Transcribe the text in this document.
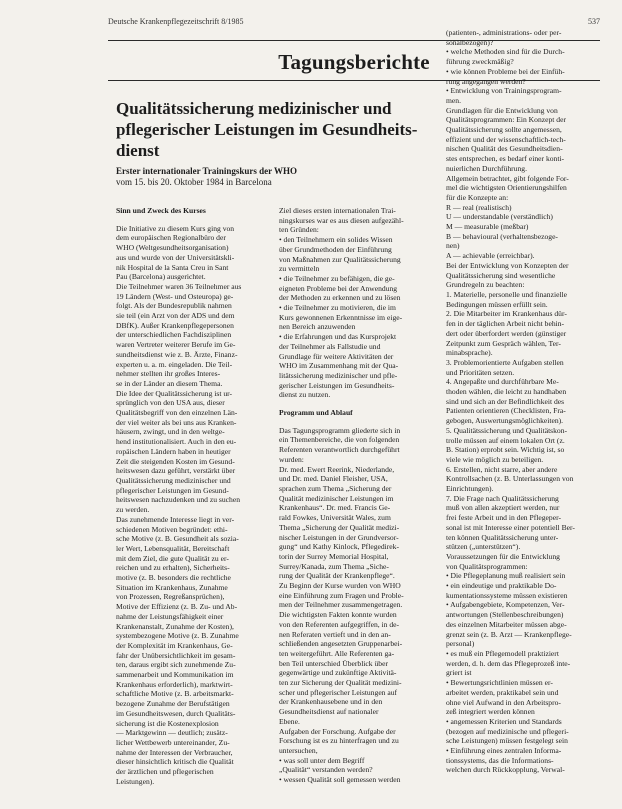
Deutsche Krankenpflegezeitschrift 8/1985	537
Tagungsberichte
Qualitätssicherung medizinischer und
pflegerischer Leistungen im Gesundheits-
dienst
Erster internationaler Trainingskurs der WHO
vom 15. bis 20. Oktober 1984 in Barcelona

Sinn und Zweck des Kurses

Die Initiative zu diesem Kurs ging von

dem europäischen Regionalbüro der

WHO (Weltgesundheitsorganisation)

aus und wurde von der Universitätskli-

nik Hospital de la Santa Creu in Sant

Pau (Barcelona) ausgerichtet.

Die Teilnehmer waren 36 Teilnehmer aus

19 Ländern (West- und Osteuropa) ge-

folgt. Als der Bundesrepublik nahmen

sie teil (ein Arzt von der ADS und dem

DBfK). Außer Krankenpflegepersonen

der unterschiedlichen Fachdisziplinen

waren Vertreter weiterer Berufe im Ge-

sundheitsdienst wie z. B. Ärzte, Finanz-

experten u. a. m. eingeladen. Die Teil-

nehmer stellten ihr großes Interes-

se in der Länder an diesem Thema.

Die Idee der Qualitätssicherung ist ur-

sprünglich von den USA aus, dieser

Qualitätsbegriff von den einzelnen Län-

der viel weiter als bei uns aus Kranken-

häusern, zwingt, und in den weltge-

hend institutionalisiert. Auch in den eu-

ropäischen Ländern haben in heutiger

Zeit die steigenden Kosten im Gesund-

heitswesen dazu geführt, verstärkt über

Qualitätssicherung medizinischer und

pflegerischer Leistungen im Gesund-

heitswesen nachzudenken und zu suchen

zu werden.

Das zunehmende Interesse liegt in ver-

schiedenen Motiven begründet: ethi-

sche Motive (z. B. Gesundheit als sozia-

ler Wert, Lebensqualität, Bereitschaft

mit dem Ziel, die gute Qualität zu er-

reichen und zu erhalten), Sicherheits-

motive (z. B. besonders die rechtliche

Situation im Krankenhaus, Zunahme

von Prozessen, Regreßansprüchen),

Motive der Effizienz (z. B. Zu- und Ab-

nahme der Leistungsfähigkeit einer

Krankenanstalt, Zunahme der Kosten),

systembezogene Motive (z. B. Zunahme

der Komplexität im Krankenhaus, Ge-

fahr der Unübersichtlichkeit im gesam-

ten, daraus ergibt sich zunehmende Zu-

sammenarbeit und Kommunikation im

Krankenhaus erforderlich), marktwirt-

schaftliche Motive (z. B. arbeitsmarkt-

bezogene Zunahme der Berufstätigen

im Gesundheitswesen, durch Qualitäts-

sicherung ist die Kostenexplosion

— Marktgewinn — deutlich; zusätz-

licher Wettbewerb untereinander, Zu-

nahme der Interessen der Verbraucher,

dieser hinsichtlich kritisch die Qualität

der ärztlichen und pflegerischen

Leistungen).

Ziel dieses ersten internationalen Trai-

ningskurses war es aus diesen aufgezähl-

ten Gründen:

• den Teilnehmern ein solides Wissen

über Grundmethoden der Einführung

von Maßnahmen zur Qualitätssicherung

zu vermitteln

• die Teilnehmer zu befähigen, die ge-

eigneten Probleme bei der Anwendung

der Methoden zu erkennen und zu lösen

• die Teilnehmer zu motivieren, die im

Kurs gewonnenen Erkenntnisse im eige-

nen Bereich anzuwenden

• die Erfahrungen und das Kursprojekt

der Teilnehmer als Fallstudie und

Grundlage für weitere Aktivitäten der

WHO im Zusammenhang mit der Qua-

litätssicherung medizinischer und pfle-

gerischer Leistungen im Gesundheits-

dienst zu nutzen.

Programm und Ablauf

Das Tagungsprogramm gliederte sich in

ein Themenbereiche, die von folgenden

Referenten verantwortlich durchgeführt

wurden:

Dr. med. Ewert Reerink, Niederlande,

und Dr. med. Daniel Fleisher, USA,

sprachen zum Thema „Sicherung der

Qualität medizinischer Leistungen im

Krankenhaus“. Dr. med. Francis Ge-

rald Fowkes, Universität Wales, zum

Thema „Sicherung der Qualität medizi-

nischer Leistungen in der Grundversor-

gung“ und Kathy Kinlock, Pflegedirek-

torin der Surrey Memorial Hospital,

Surrey/Kanada, zum Thema „Siche-

rung der Qualität der Krankenpflege“.

Zu Beginn der Kurse wurden von WHO

eine Einführung zum Fragen und Proble-

men der Teilnehmer zusammengetragen.

Die wichtigsten Fakten konnte wurden

von den Referenten aufgegriffen, in de-

nen Referaten vertieft und in den an-

schließenden angesetzten Gruppenarbei-

ten weitergeführt. Alle Referenten ga-

ben Teil unterschied Überblick über

gegenwärtige und zukünftige Aktivitä-

ten zur Sicherung der Qualität medizini-

scher und pflegerischer Leistungen auf

der Krankenhausebene und in den

Gesundheitsdienst auf nationaler

Ebene.

Aufgaben der Forschung. Aufgabe der

Forschung ist es zu hinterfragen und zu

untersuchen,

• was soll unter dem Begriff

„Qualität“ verstanden werden?

• wessen Qualität soll gemessen werden

(patienten-, administrations- oder per-

sonalbezogen)?

• welche Methoden sind für die Durch-

führung zweckmäßig?

• wie können Probleme bei der Einfüh-

rung angegangen werden?

• Entwicklung von Trainingsprogram-

men.

Grundlagen für die Entwicklung von

Qualitätsprogrammen: Ein Konzept der

Qualitätssicherung sollte angemessen,

effizient und der wissenschaftlich-tech-

nischen Qualität des Gesundheitsdien-

stes entsprechen, es bedarf einer konti-

nuierlichen Durchführung.

Allgemein betrachtet, gibt folgende For-

mel die wichtigsten Orientierungshilfen

für die Konzepte an:

R — real (realistisch)

U — understandable (verständlich)

M — measurable (meßbar)

B — behavioural (verhaltensbezoge-

nen)

A — achievable (erreichbar).

Bei der Entwicklung von Konzepten der

Qualitätssicherung sind wesentliche

Grundregeln zu beachten:

1. Materielle, personelle und finanzielle

Bedingungen müssen erfüllt sein.

2. Die Mitarbeiter im Krankenhaus dür-

fen in der täglichen Arbeit nicht behin-

dert oder überfordert werden (günstiger

Zeitpunkt zum Gespräch wählen, Ter-

minabsprache).

3. Problemorientierte Aufgaben stellen

und Prioritäten setzen.

4. Angepaßte und durchführbare Me-

thoden wählen, die leicht zu handhaben

sind und sich an der Befindlichkeit des

Patienten orientieren (Checklisten, Fra-

gebogen, Auswertungsmöglichkeiten).

5. Qualitätssicherung und Qualitätskon-

trolle müssen auf einem lokalen Ort (z.

B. Station) erprobt sein. Wichtig ist, so

viele wie möglich zu beteiligen.

6. Erstellen, nicht starre, aber andere

Kontrollsachen (z. B. Unterlassungen von

Einrichtungen).

7. Die Frage nach Qualitätssicherung

muß von allen akzeptiert werden, nur

frei feste Arbeit und in den Pflegeper-

sonal ist mit Interesse einer potentiell Ber-

ten können Qualitätssicherung unter-

stützen („unterstützen“).

Voraussetzungen für die Entwicklung

von Qualitätsprogrammen:

• Die Pflegeplanung muß realisiert sein

• ein eindeutige und praktikable Do-

kumentationssysteme müssen existieren

• Aufgabengebiete, Kompetenzen, Ver-

antwortungen (Stellenbeschreibungen)

des einzelnen Mitarbeiter müssen abge-

grenzt sein (z. B. Arzt — Krankenpflege-

personal)

• es muß ein Pflegemodell praktiziert

werden, d. h. dem das Pflegeprozeß inte-

griert ist

• Bewertungsrichtlinien müssen er-

arbeitet werden, praktikabel sein und

ohne viel Aufwand in den Arbeitspro-

zeß integriert werden können

• angemessen Kriterien und Standards

(bezogen auf medizinische und pflegeri-

sche Leistungen) müssen festgelegt sein

• Einführung eines zentralen Informa-

tionssystems, das die Informations-

welchen durch Rückkopplung, Verwal-
